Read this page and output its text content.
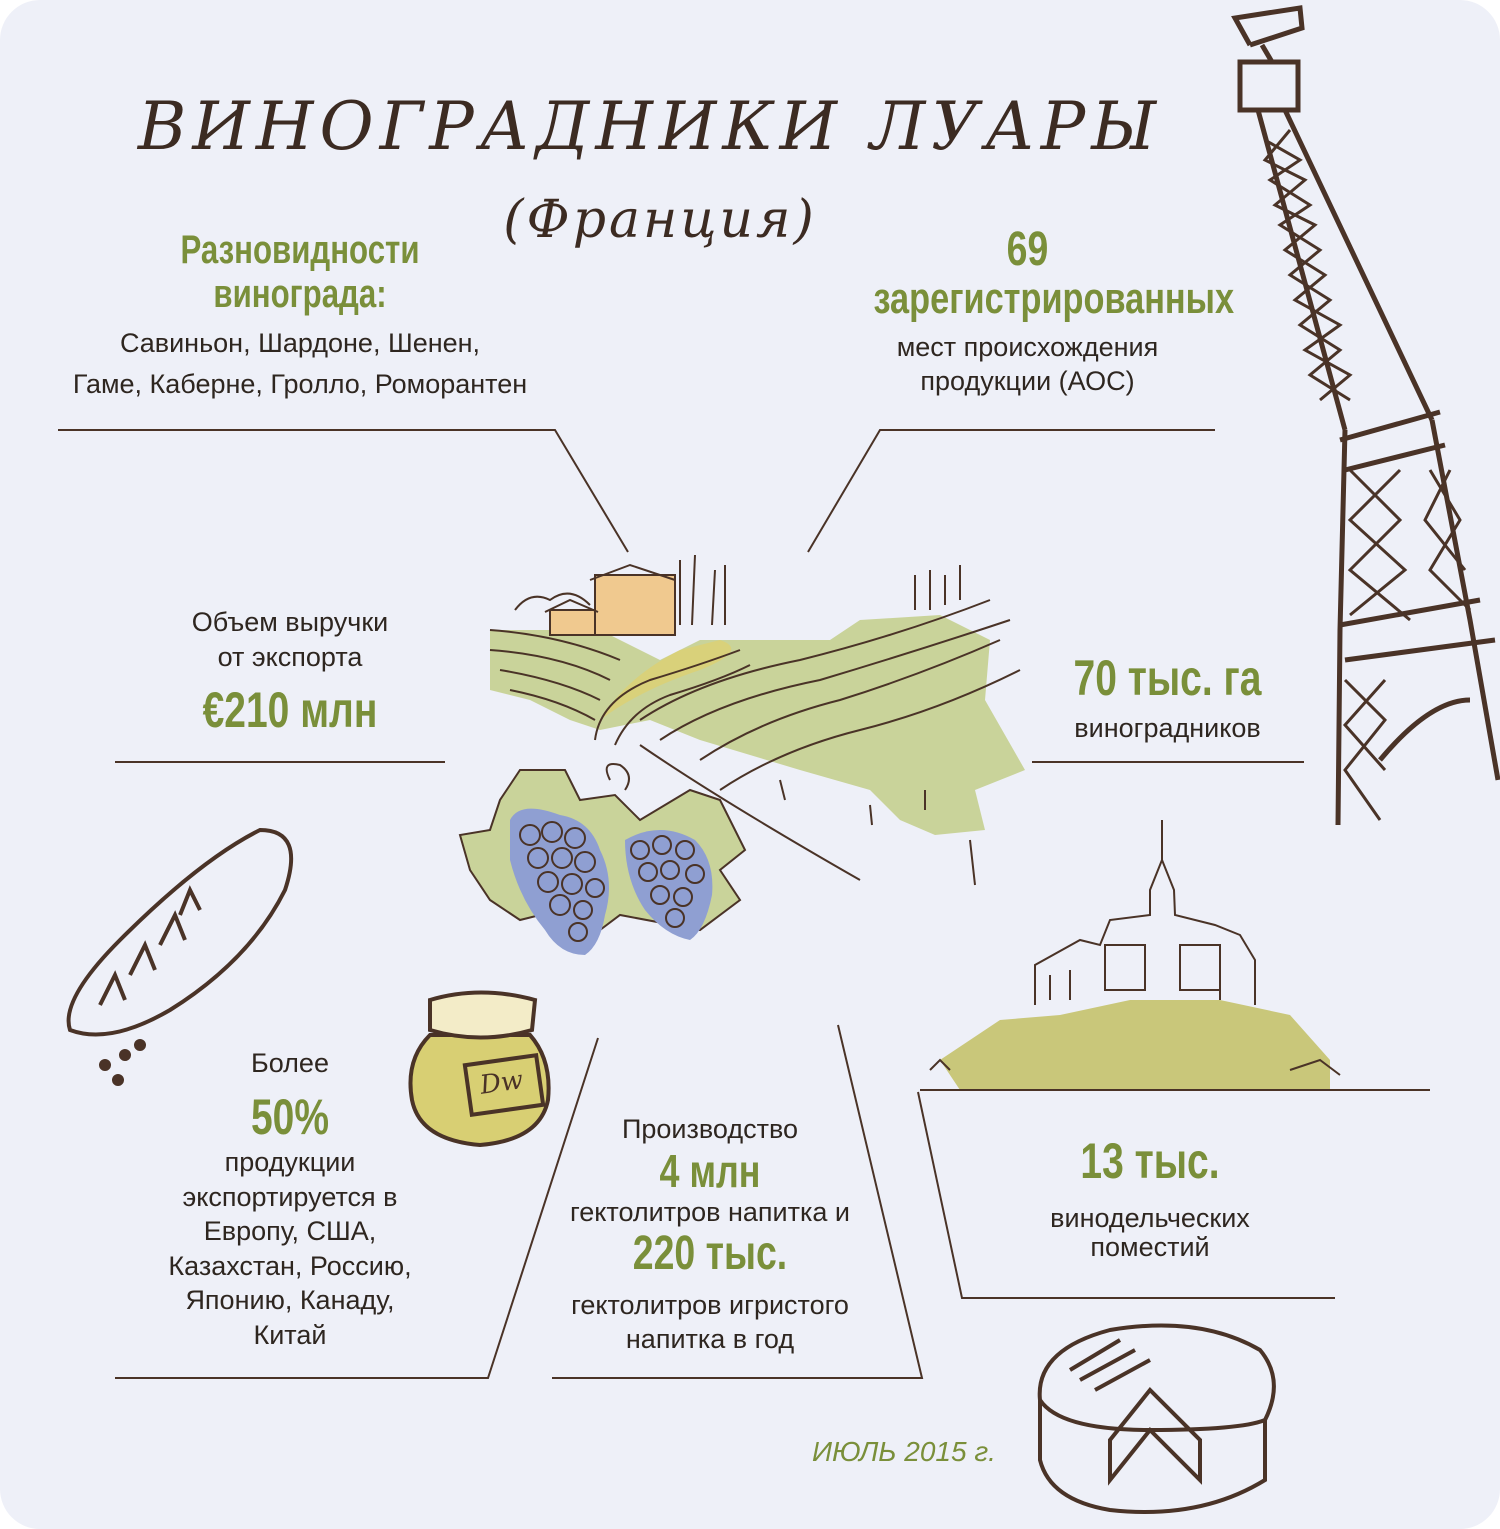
ВИНОГРАДНИКИ ЛУАРЫ
(Франция)
Разновидности
винограда:
Савиньон, Шардоне, Шенен,
Гаме, Каберне, Гролло, Роморантен
69
зарегистрированных
мест происхождения
продукции (АОС)
Объем выручки
от экспорта
€210 млн
70 тыс. га
виноградников
Более
50%
продукции
экспортируется в
Европу, США,
Казахстан, Россию,
Японию, Канаду,
Китай
Dw
Производство
4 млн
гектолитров напитка и
220 тыс.
гектолитров игристого
напитка в год
13 тыс.
винодельческих
поместий
ИЮЛЬ 2015 г.
